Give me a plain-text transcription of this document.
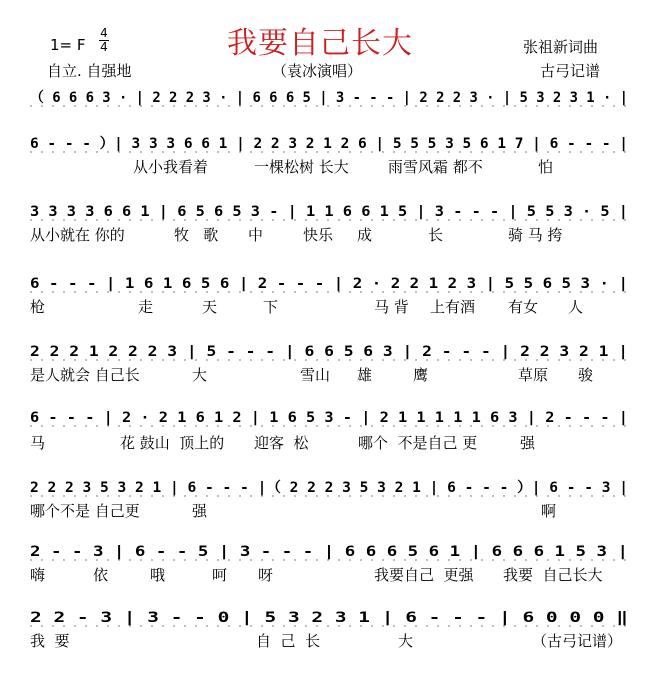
我要自己长大
1= F
4
4
自立. 自强地	（袁冰演唱）
张祖新词曲
古弓记谱
（ 6 6 6 3 · | 2 2 2 3 · | 6 6 6 5 | 3 - - - | 2 2 2 3 · | 5 3 2 3 1 · |
6 - - - ）| 3 3 3 6 6 1 | 2 2 3 2 1 2 6 | 5 5 5 3 5 6 1 7 | 6 - - - |
3 3 3 3 6 6 1 | 6 5 6 5 3 - | 1 1 6 6 1 5 | 3 - - - | 5 5 3 · 5 |
6 - - - | 1 6 1 6 5 6 | 2 - - - | 2 · 2 2 1 2 3 | 5 5 6 5 3 · |
2 2 2 1 2 2 2 3 | 5 - - - | 6 6 5 6 3 | 2 - - - | 2 2 3 2 1 |
6 - - - | 2 · 2 1 6 1 2 | 1 6 5 3 - | 2 1 1 1 1 1 6 3 | 2 - - - |
2 2 2 3 5 3 2 1 | 6 - - - |（ 2 2 2 3 5 3 2 1 | 6 - - - ）| 6 - - 3 |
2 - - 3 | 6 - - 5 | 3 - - - | 6 6 6 5 6 1 | 6 6 6 1 5 3 |
2 2 - 3 | 3 - - 0 | 5 3 2 3 1 | 6 - - - | 6 0 0 0 ‖
从小我看着	一棵松树 长大	雨雪风霜 都不	怕
从小就在 你的	牧   歌 中	快乐 成	长	骑 马 挎
枪	走	天	下	马 背 上有酒 有女 人
是人就会 自己长	大	雪山 雄	鹰	草原 骏
马	花 鼓山  顶上的 迎客  松	哪个  不是自己 更	强
哪个不是 自己更	强	啊
嗨	依	哦	呵 呀	我要自己  更强 我要  自己长大
我  要	自  己  长	大	（古弓记谱）
